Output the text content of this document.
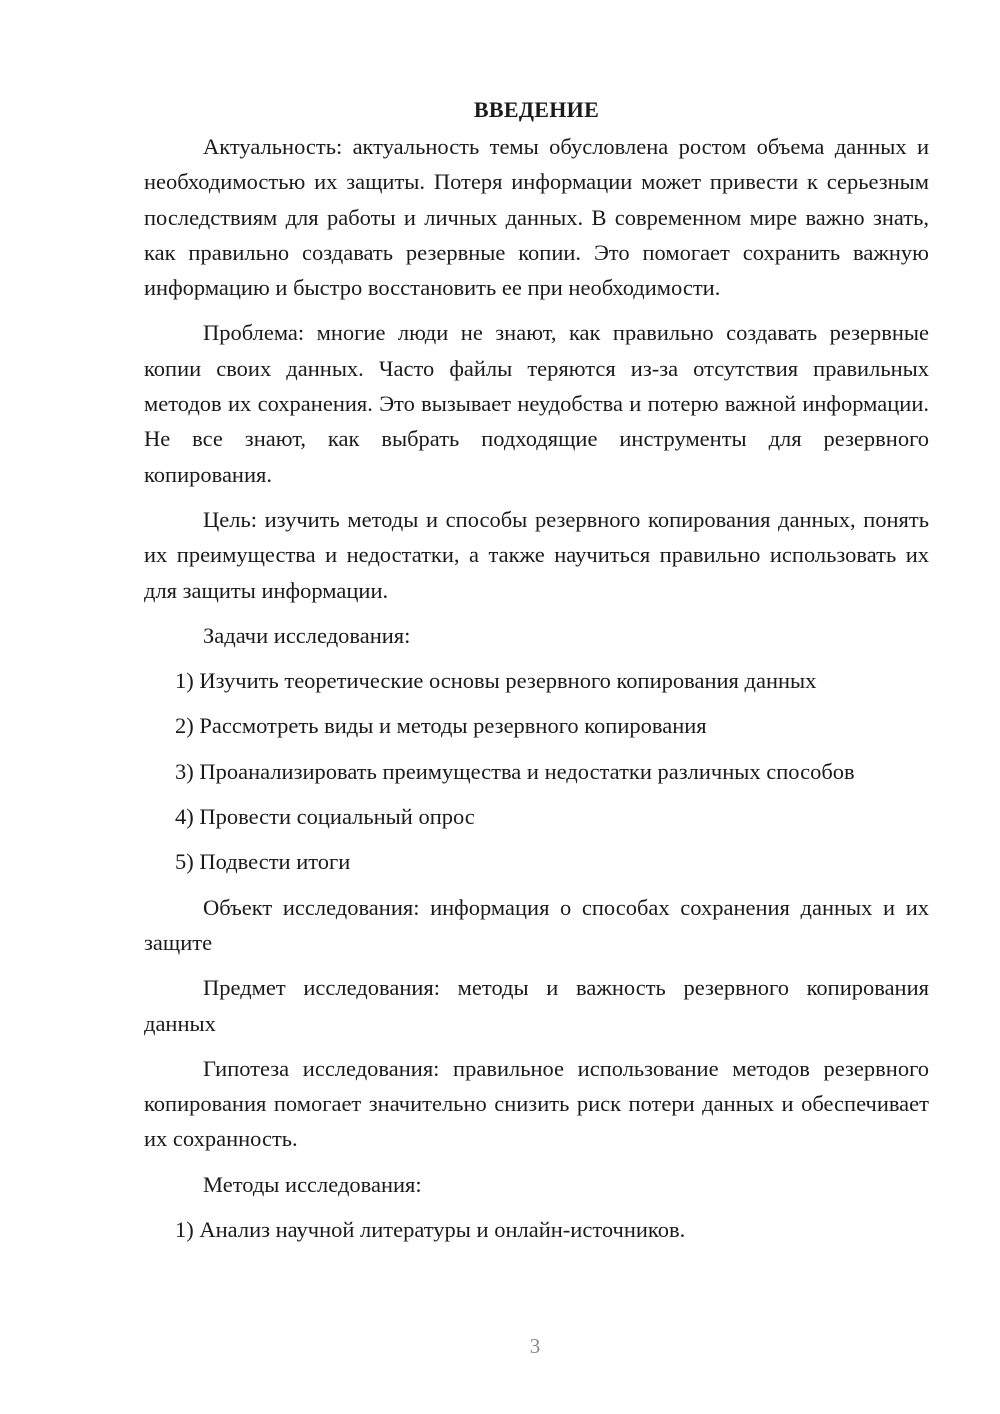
ВВЕДЕНИЕ

Актуальность: актуальность темы обусловлена ростом объема данных и необходимостью их защиты. Потеря информации может привести к серьезным последствиям для работы и личных данных. В современном мире важно знать, как правильно создавать резервные копии. Это помогает сохранить важную информацию и быстро восстановить ее при необходимости.

Проблема: многие люди не знают, как правильно создавать резервные копии своих данных. Часто файлы теряются из-за отсутствия правильных методов их сохранения. Это вызывает неудобства и потерю важной информации. Не все знают, как выбрать подходящие инструменты для резервного копирования.

Цель: изучить методы и способы резервного копирования данных, понять их преимущества и недостатки, а также научиться правильно использовать их для защиты информации.

Задачи исследования:

1) Изучить теоретические основы резервного копирования данных

2) Рассмотреть виды и методы резервного копирования

3) Проанализировать преимущества и недостатки различных способов

4) Провести социальный опрос

5) Подвести итоги

Объект исследования: информация о способах сохранения данных и их защите

Предмет исследования: методы и важность резервного копирования данных

Гипотеза исследования: правильное использование методов резервного копирования помогает значительно снизить риск потери данных и обеспечивает их сохранность.

Методы исследования:

1) Анализ научной литературы и онлайн-источников.

3
